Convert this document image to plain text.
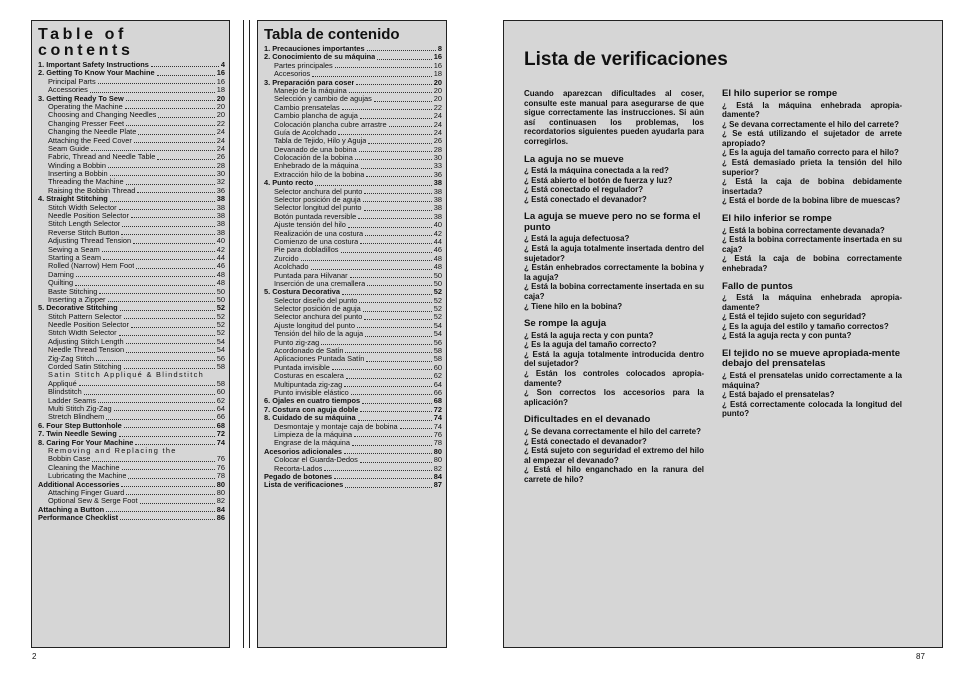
Table of contents
1. Important Safety Instructions	4
2. Getting To Know Your Machine	16
Principal Parts	16
Accessories	18
3. Getting Ready To Sew	20
Operating the Machine	20
Choosing and Changing Needles	20
Changing Presser Feet	22
Changing the Needle Plate	24
Attaching the Feed Cover	24
Seam Guide	24
Fabric, Thread and Needle Table	26
Winding a Bobbin	28
Inserting a Bobbin	30
Threading the Machine	32
Raising the Bobbin Thread	36
4. Straight Stitching	38
Stitch Width Selector	38
Needle Position Selector	38
Stitch Length Selector	38
Reverse Stitch Button	38
Adjusting Thread Tension	40
Sewing a Seam	42
Starting a Seam	44
Rolled (Narrow) Hem Foot	46
Darning	48
Quilting	48
Baste Stitching	50
Inserting a Zipper	50
5. Decorative Stitching	52
Stitch Pattern Selector	52
Needle Position Selector	52
Stitch Width Selector	52
Adjusting Stitch Length	54
Needle Thread Tension	54
Zig-Zag Stitch	56
Corded Satin Stitching	58
Satin Stitch Appliqué & Blindstitch
Appliqué	58
Blindstitch	60
Ladder Seams	62
Multi Stitch Zig-Zag	64
Stretch Blindhem	66
6. Four Step Buttonhole	68
7. Twin Needle Sewing	72
8. Caring For Your Machine	74
Removing and Replacing the
Bobbin Case	76
Cleaning the Machine	76
Lubricating the Machine	78
Additional Accessories	80
Attaching Finger Guard	80
Optional Sew & Serge Foot	82
Attaching a Button	84
Performance Checklist	86
Tabla de contenido
1. Precauciones importantes	8
2. Conocimiento de su máquina	16
Partes principales	16
Accesorios	18
3. Preparación para coser	20
Manejo de la máquina	20
Selección y cambio de agujas	20
Cambio prensatelas	22
Cambio plancha de aguja	24
Colocación plancha cubre arrastre	24
Guía de Acolchado	24
Tabla de Tejido, Hilo y Aguja	26
Devanado de una bobina	28
Colocación de la bobina	30
Enhebrado de la máquina	33
Extracción hilo de la bobina	36
4. Punto recto	38
Selector anchura del punto	38
Selector posición de aguja	38
Selector longitud del punto	38
Botón puntada reversible	38
Ajuste tensión del hilo	40
Realización de una costura	42
Comienzo de una costura	44
Pie para dobladillos	46
Zurcido	48
Acolchado	48
Puntada para Hilvanar	50
Inserción de una cremallera	50
5. Costura Decorativa	52
Selector diseño del punto	52
Selector posición de aguja	52
Selector anchura del punto	52
Ajuste longitud del punto	54
Tensión del hilo de la aguja	54
Punto zig-zag	56
Acordonado de Satín	58
Aplicaciones Puntada Satín	58
Puntada invisible	60
Costuras en escalera	62
Multipuntada zig-zag	64
Punto invisible elástico	66
6. Ojales en cuatro tiempos	68
7. Costura con aguja doble	72
8. Cuidado de su máquina	74
Desmontaje y montaje caja de bobina	74
Limpieza de la máquina	76
Engrase de la máquina	78
Acesorios adicionales	80
Colocar el Guarda-Dedos	80
Recorta-Lados	82
Pegado de botones	84
Lista de verificaciones	87
2
Lista de verificaciones

Cuando aparezcan dificultades al coser, consulte este manual para asegurarse de que sigue correctamente las instrucciones. Si aún así continuasen los problemas, los recordatorios siguientes pueden ayudarla para corregirlos.

La aguja no se mueve
¿ Está la máquina conectada a la red?
¿ Está abierto el botón de fuerza y luz?
¿ Está conectado el regulador?
¿ Está conectado el devanador?
La aguja se mueve pero no se forma el punto
¿ Está la aguja defectuosa?
¿ Está la aguja totalmente insertada dentro del sujetador?
¿ Están enhebrados correctamente la bobina y la aguja?
¿ Está la bobina correctamente insertada en su caja?
¿ Tiene hilo en la bobina?
Se rompe la aguja
¿ Está la aguja recta y con punta?
¿ Es la aguja del tamaño correcto?
¿ Está la aguja totalmente introducida dentro del sujetador?
¿ Están los controles colocados apropia-damente?
¿ Son correctos los accesorios para la aplicación?
Dificultades en el devanado
¿ Se devana correctamente el hilo del carrete?
¿ Está conectado el devanador?
¿ Está sujeto con seguridad el extremo del hilo al empezar el devanado?
¿ Está el hilo enganchado en la ranura del carrete de hilo?
El hilo superior se rompe
¿ Está la máquina enhebrada apropia-damente?
¿ Se devana correctamente el hilo del carrete?
¿ Se está utilizando el sujetador de arrete apropiado?
¿ Es la aguja del tamaño correcto para el hilo?
¿ Está demasiado prieta la tensión del hilo superior?
¿ Está la caja de bobina debidamente insertada?
¿ Está el borde de la bobina libre de muescas?
El hilo inferior se rompe
¿ Está la bobina correctamente devanada?
¿ Está la bobina correctamente insertada en su caja?
¿ Está la caja de bobina correctamente enhebrada?
Fallo de puntos
¿ Está la máquina enhebrada apropia-damente?
¿ Está el tejido sujeto con seguridad?
¿ Es la aguja del estilo y tamaño correctos?
¿ Está la aguja recta y con punta?
El tejido no se mueve apropiada-mente debajo del prensatelas
¿ Está el prensatelas unido correctamente a la máquina?
¿ Está bajado el prensatelas?
¿ Está correctamente colocada la longitud del punto?
87
